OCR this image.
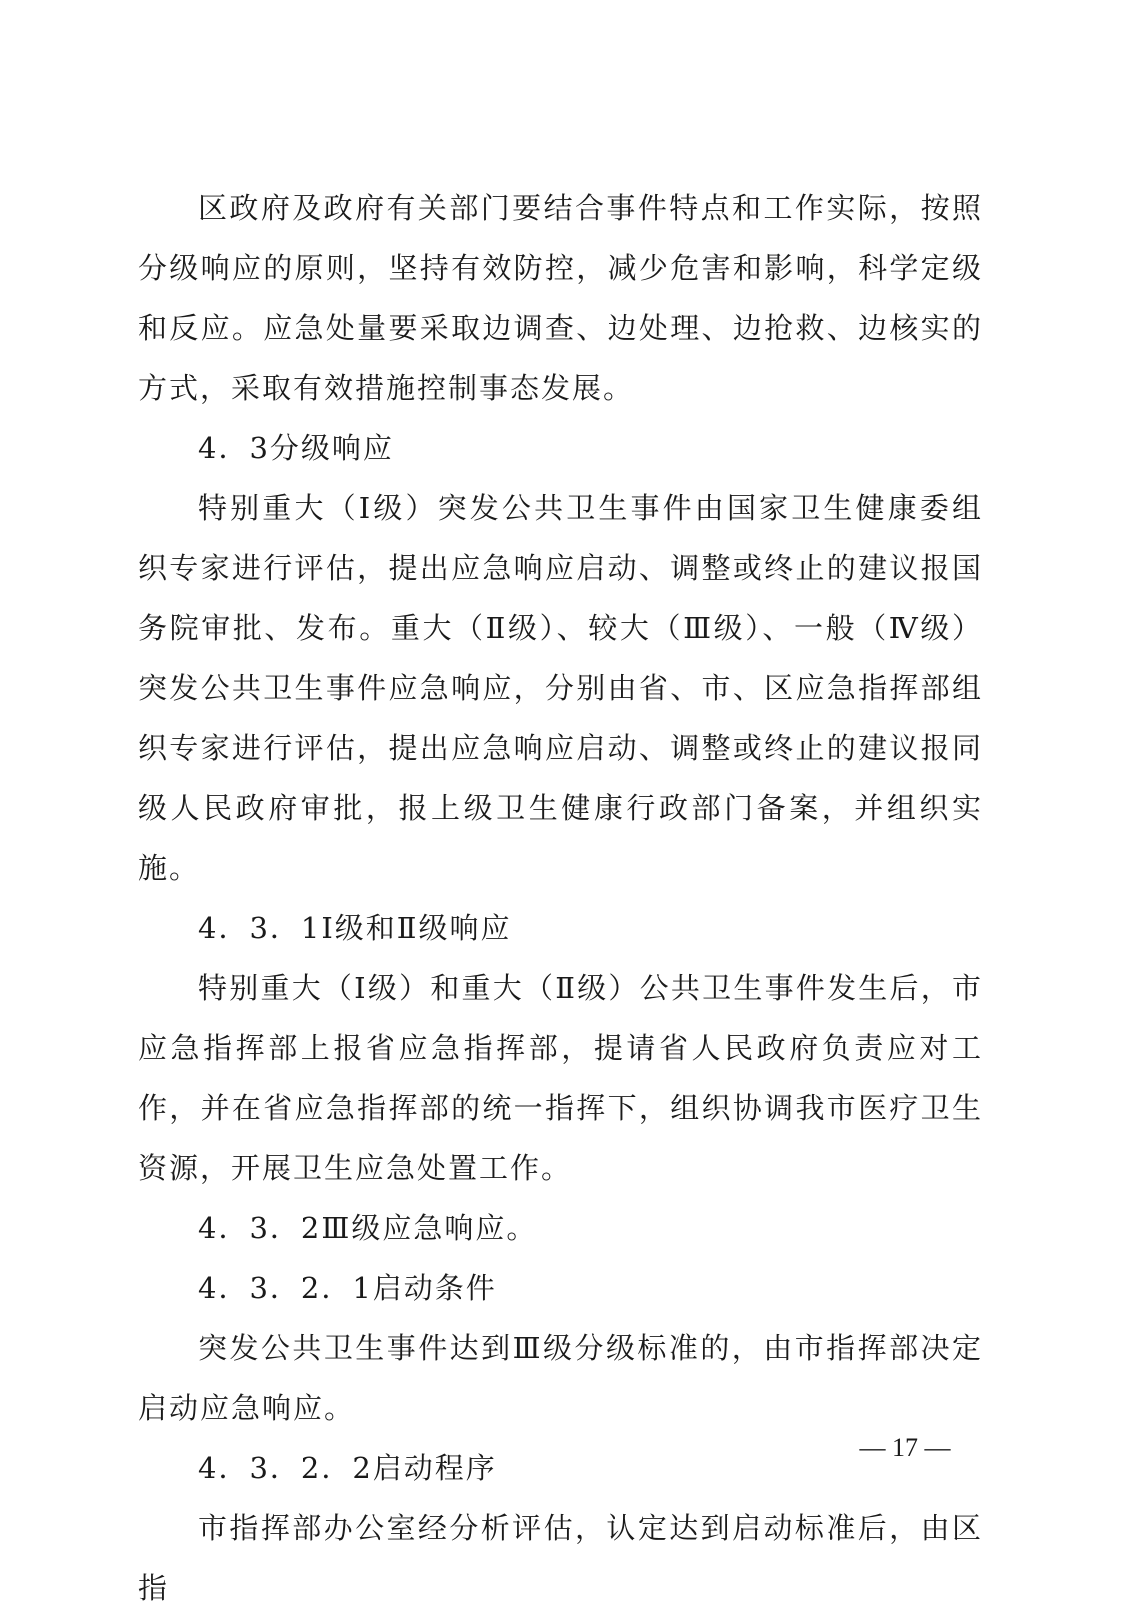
区政府及政府有关部门要结合事件特点和工作实际，按照分级响应的原则，坚持有效防控，减少危害和影响，科学定级和反应。应急处量要采取边调查、边处理、边抢救、边核实的方式，采取有效措施控制事态发展。

4．3分级响应

特别重大（Ⅰ级）突发公共卫生事件由国家卫生健康委组织专家进行评估，提出应急响应启动、调整或终止的建议报国务院审批、发布。重大（Ⅱ级）、较大（Ⅲ级）、一般（Ⅳ级）突发公共卫生事件应急响应，分别由省、市、区应急指挥部组织专家进行评估，提出应急响应启动、调整或终止的建议报同级人民政府审批，报上级卫生健康行政部门备案，并组织实施。

4．3．1Ⅰ级和Ⅱ级响应

特别重大（Ⅰ级）和重大（Ⅱ级）公共卫生事件发生后，市应急指挥部上报省应急指挥部，提请省人民政府负责应对工作，并在省应急指挥部的统一指挥下，组织协调我市医疗卫生资源，开展卫生应急处置工作。

4．3．2Ⅲ级应急响应。

4．3．2．1启动条件

突发公共卫生事件达到Ⅲ级分级标准的，由市指挥部决定启动应急响应。

4．3．2．2启动程序

市指挥部办公室经分析评估，认定达到启动标准后，由区指

— 17 —
